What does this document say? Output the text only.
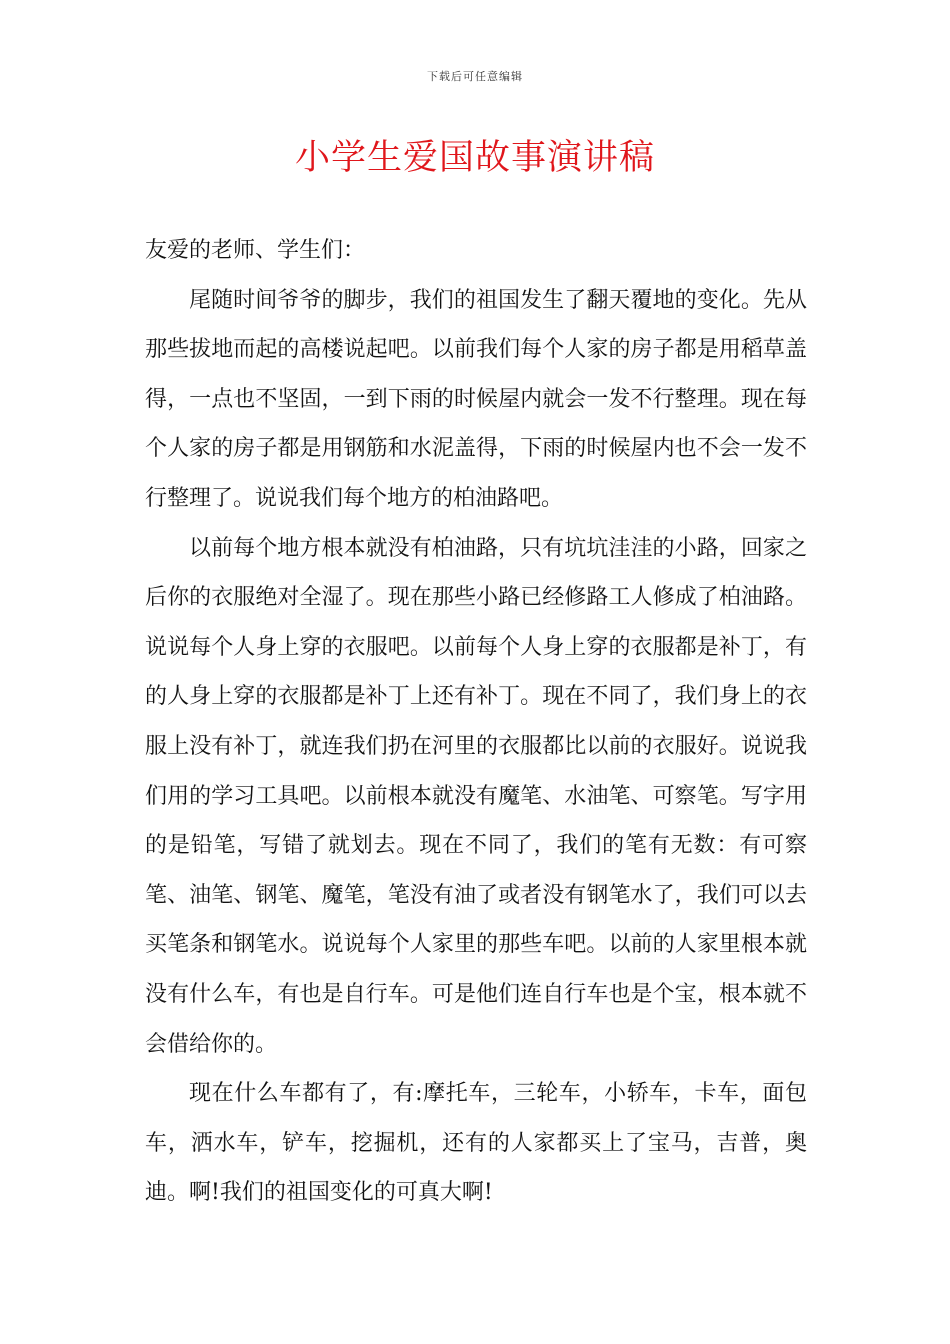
下载后可任意编辑
小学生爱国故事演讲稿

友爱的老师、学生们：

尾随时间爷爷的脚步，我们的祖国发生了翻天覆地的变化。先从那些拔地而起的高楼说起吧。以前我们每个人家的房子都是用稻草盖得，一点也不坚固，一到下雨的时候屋内就会一发不行整理。现在每个人家的房子都是用钢筋和水泥盖得，下雨的时候屋内也不会一发不行整理了。说说我们每个地方的柏油路吧。

以前每个地方根本就没有柏油路，只有坑坑洼洼的小路，回家之后你的衣服绝对全湿了。现在那些小路已经修路工人修成了柏油路。说说每个人身上穿的衣服吧。以前每个人身上穿的衣服都是补丁，有的人身上穿的衣服都是补丁上还有补丁。现在不同了，我们身上的衣服上没有补丁，就连我们扔在河里的衣服都比以前的衣服好。说说我们用的学习工具吧。以前根本就没有魔笔、水油笔、可察笔。写字用的是铅笔，写错了就划去。现在不同了，我们的笔有无数：有可察笔、油笔、钢笔、魔笔，笔没有油了或者没有钢笔水了，我们可以去买笔条和钢笔水。说说每个人家里的那些车吧。以前的人家里根本就没有什么车，有也是自行车。可是他们连自行车也是个宝，根本就不会借给你的。

现在什么车都有了，有:摩托车，三轮车，小轿车，卡车，面包车，洒水车，铲车，挖掘机，还有的人家都买上了宝马，吉普，奥迪。啊!我们的祖国变化的可真大啊!
